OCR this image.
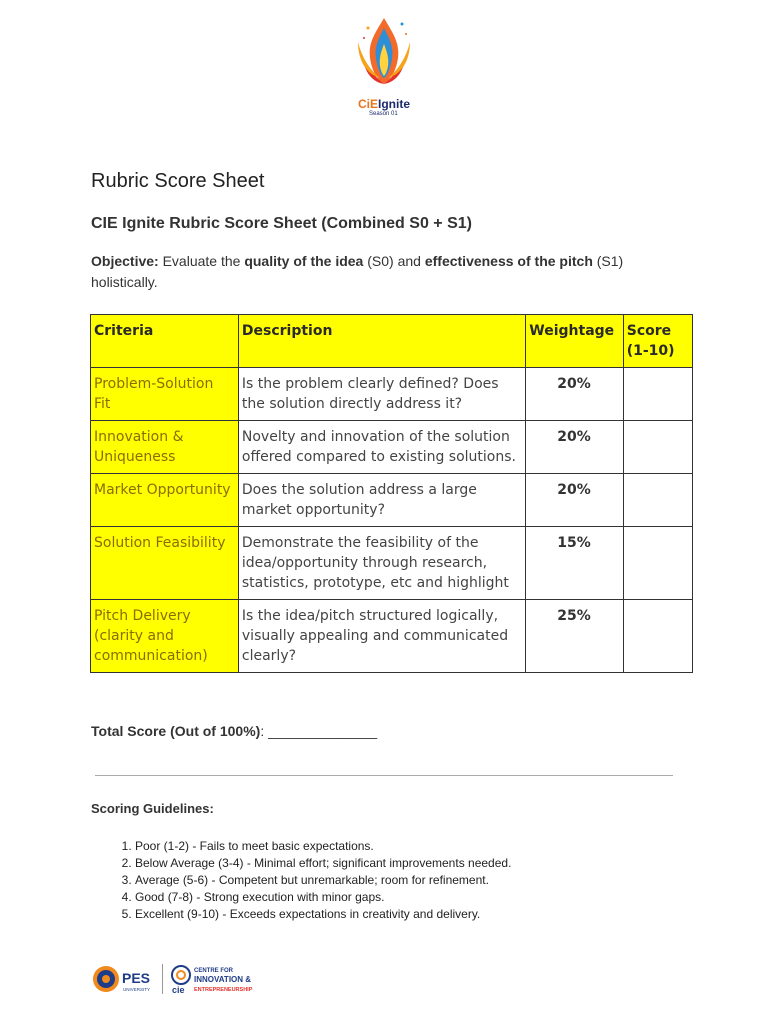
CiEIgnite
Season 01
Rubric Score Sheet
CIE Ignite Rubric Score Sheet (Combined S0 + S1)
Objective: Evaluate the quality of the idea (S0) and effectiveness of the pitch (S1) holistically.
Criteria	Description	Weightage	Score (1-10)
Problem-Solution Fit	Is the problem clearly defined? Does the solution directly address it?	20%	
Innovation & Uniqueness	Novelty and innovation of the solution offered compared to existing solutions.	20%	
Market Opportunity	Does the solution address a large market opportunity?	20%	
Solution Feasibility	Demonstrate the feasibility of the idea/opportunity through research, statistics, prototype, etc and highlight	15%	
Pitch Delivery (clarity and communication)	Is the idea/pitch structured logically, visually appealing and communicated clearly?	25%	
Total Score (Out of 100%): ______________
Scoring Guidelines:
1. Poor (1-2) - Fails to meet basic expectations.
2. Below Average (3-4) - Minimal effort; significant improvements needed.
3. Average (5-6) - Competent but unremarkable; room for refinement.
4. Good (7-8) - Strong execution with minor gaps.
5. Excellent (9-10) - Exceeds expectations in creativity and delivery.
PES
UNIVERSITY cie
CENTRE FOR
INNOVATION &
ENTREPRENEURSHIP
